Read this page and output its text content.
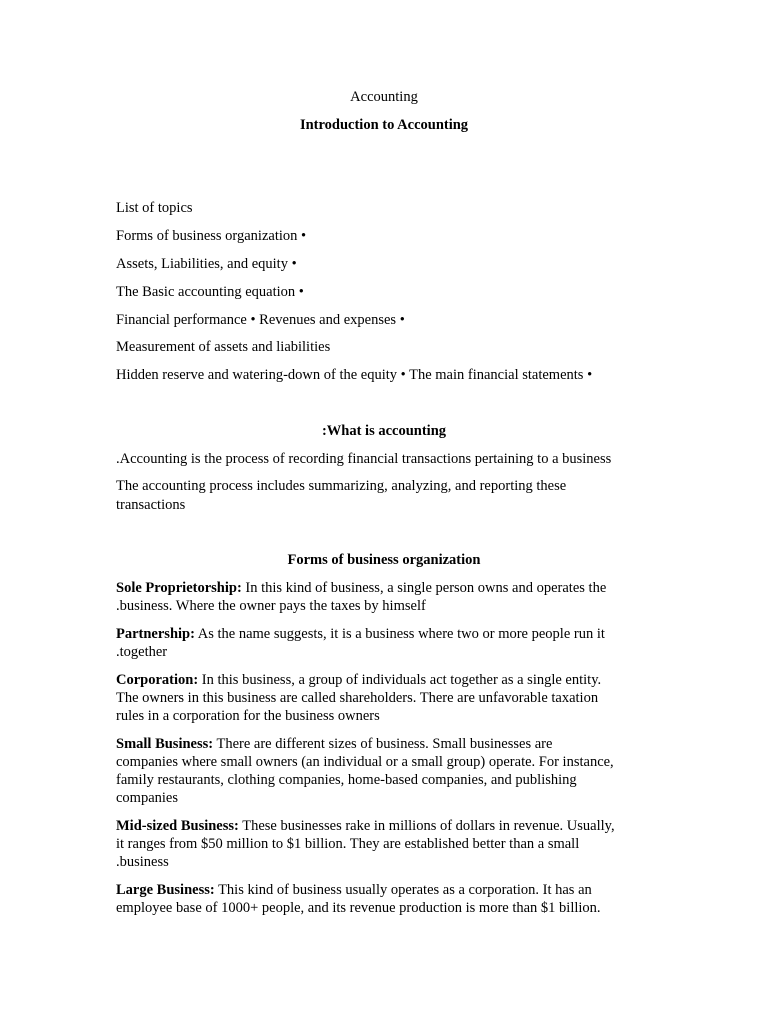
Accounting
Introduction to Accounting
List of topics
Forms of business organization •
Assets, Liabilities, and equity •
The Basic accounting equation •
Financial performance • Revenues and expenses •
Measurement of assets and liabilities
Hidden reserve and watering-down of the equity • The main financial statements •
:What is accounting
.Accounting is the process of recording financial transactions pertaining to a business
The accounting process includes summarizing, analyzing, and reporting these
transactions
Forms of business organization
Sole Proprietorship: In this kind of business, a single person owns and operates the
.business. Where the owner pays the taxes by himself
Partnership: As the name suggests, it is a business where two or more people run it
.together
Corporation: In this business, a group of individuals act together as a single entity.
The owners in this business are called shareholders. There are unfavorable taxation
rules in a corporation for the business owners
Small Business: There are different sizes of business. Small businesses are
companies where small owners (an individual or a small group) operate. For instance,
family restaurants, clothing companies, home-based companies, and publishing
companies
Mid-sized Business: These businesses rake in millions of dollars in revenue. Usually,
it ranges from $50 million to $1 billion. They are established better than a small
.business
Large Business: This kind of business usually operates as a corporation. It has an
employee base of 1000+ people, and its revenue production is more than $1 billion.
